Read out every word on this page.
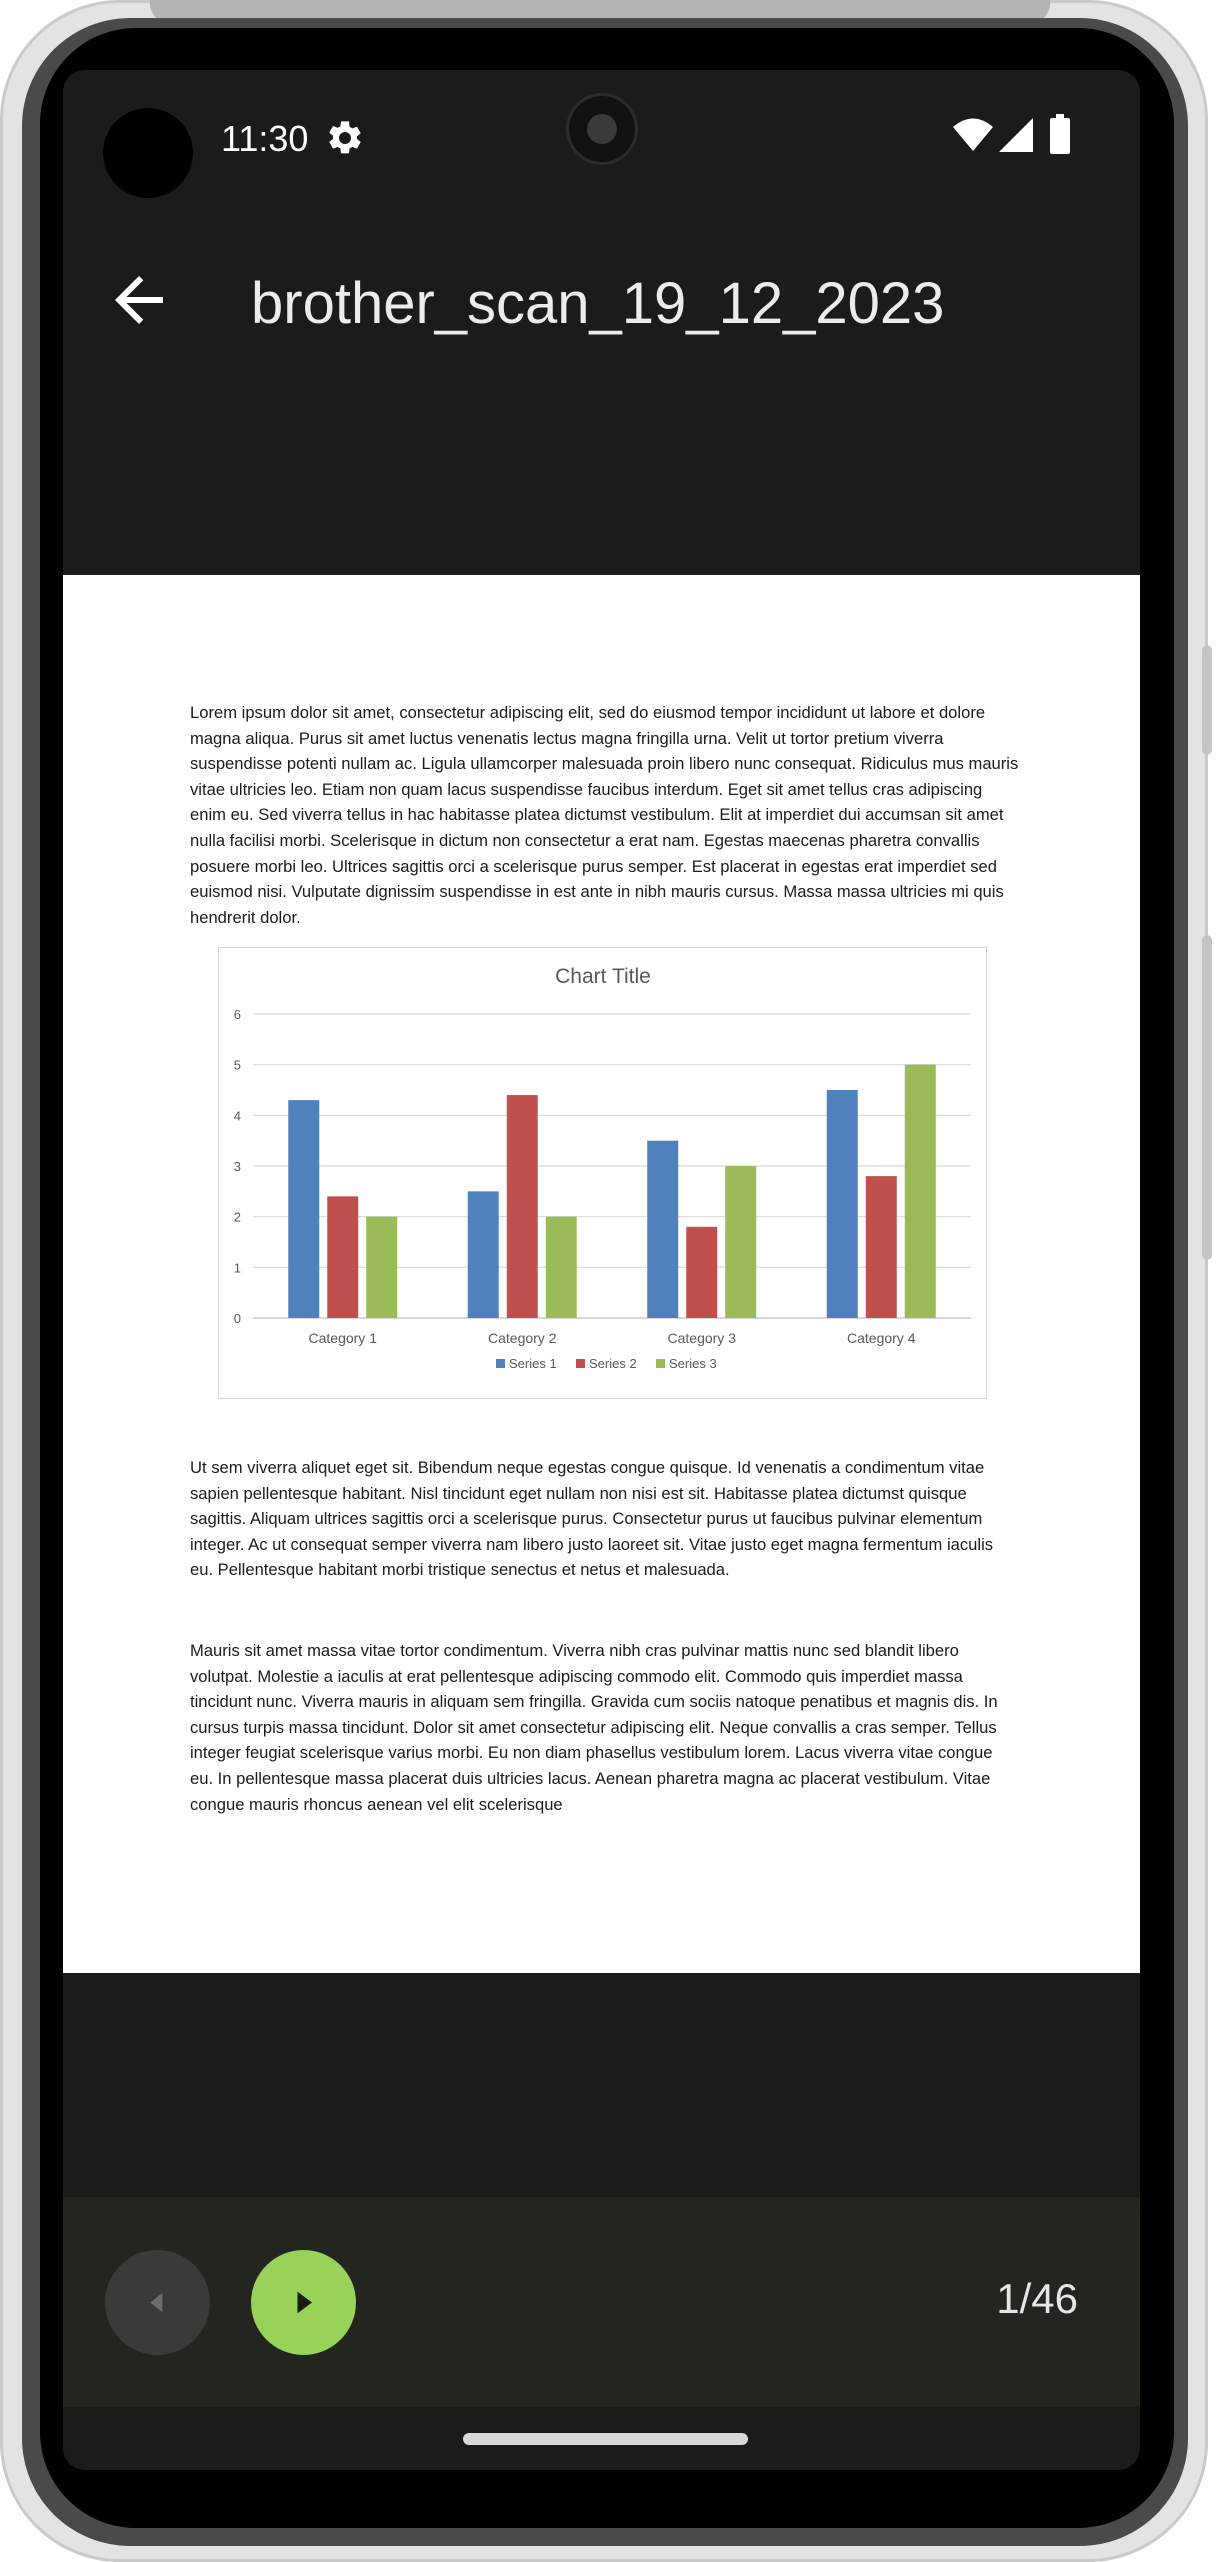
11:30
brother_scan_19_12_2023

Lorem ipsum dolor sit amet, consectetur adipiscing elit, sed do eiusmod tempor incididunt ut labore et dolore magna aliqua. Purus sit amet luctus venenatis lectus magna fringilla urna. Velit ut tortor pretium viverra suspendisse potenti nullam ac. Ligula ullamcorper malesuada proin libero nunc consequat. Ridiculus mus mauris vitae ultricies leo. Etiam non quam lacus suspendisse faucibus interdum. Eget sit amet tellus cras adipiscing enim eu. Sed viverra tellus in hac habitasse platea dictumst vestibulum. Elit at imperdiet dui accumsan sit amet nulla facilisi morbi. Scelerisque in dictum non consectetur a erat nam. Egestas maecenas pharetra convallis posuere morbi leo. Ultrices sagittis orci a scelerisque purus semper. Est placerat in egestas erat imperdiet sed euismod nisi. Vulputate dignissim suspendisse in est ante in nibh mauris cursus. Massa massa ultricies mi quis hendrerit dolor.

Chart Title
0
1
2
3
4
5
6
Category 1	Category 2	Category 3	Category 4
Series 1 Series 2 Series 3

Ut sem viverra aliquet eget sit. Bibendum neque egestas congue quisque. Id venenatis a condimentum vitae sapien pellentesque habitant. Nisl tincidunt eget nullam non nisi est sit. Habitasse platea dictumst quisque sagittis. Aliquam ultrices sagittis orci a scelerisque purus. Consectetur purus ut faucibus pulvinar elementum integer. Ac ut consequat semper viverra nam libero justo laoreet sit. Vitae justo eget magna fermentum iaculis eu. Pellentesque habitant morbi tristique senectus et netus et malesuada.

Mauris sit amet massa vitae tortor condimentum. Viverra nibh cras pulvinar mattis nunc sed blandit libero volutpat. Molestie a iaculis at erat pellentesque adipiscing commodo elit. Commodo quis imperdiet massa tincidunt nunc. Viverra mauris in aliquam sem fringilla. Gravida cum sociis natoque penatibus et magnis dis. In cursus turpis massa tincidunt. Dolor sit amet consectetur adipiscing elit. Neque convallis a cras semper. Tellus integer feugiat scelerisque varius morbi. Eu non diam phasellus vestibulum lorem. Lacus viverra vitae congue eu. In pellentesque massa placerat duis ultricies lacus. Aenean pharetra magna ac placerat vestibulum. Vitae congue mauris rhoncus aenean vel elit scelerisque

1/46
